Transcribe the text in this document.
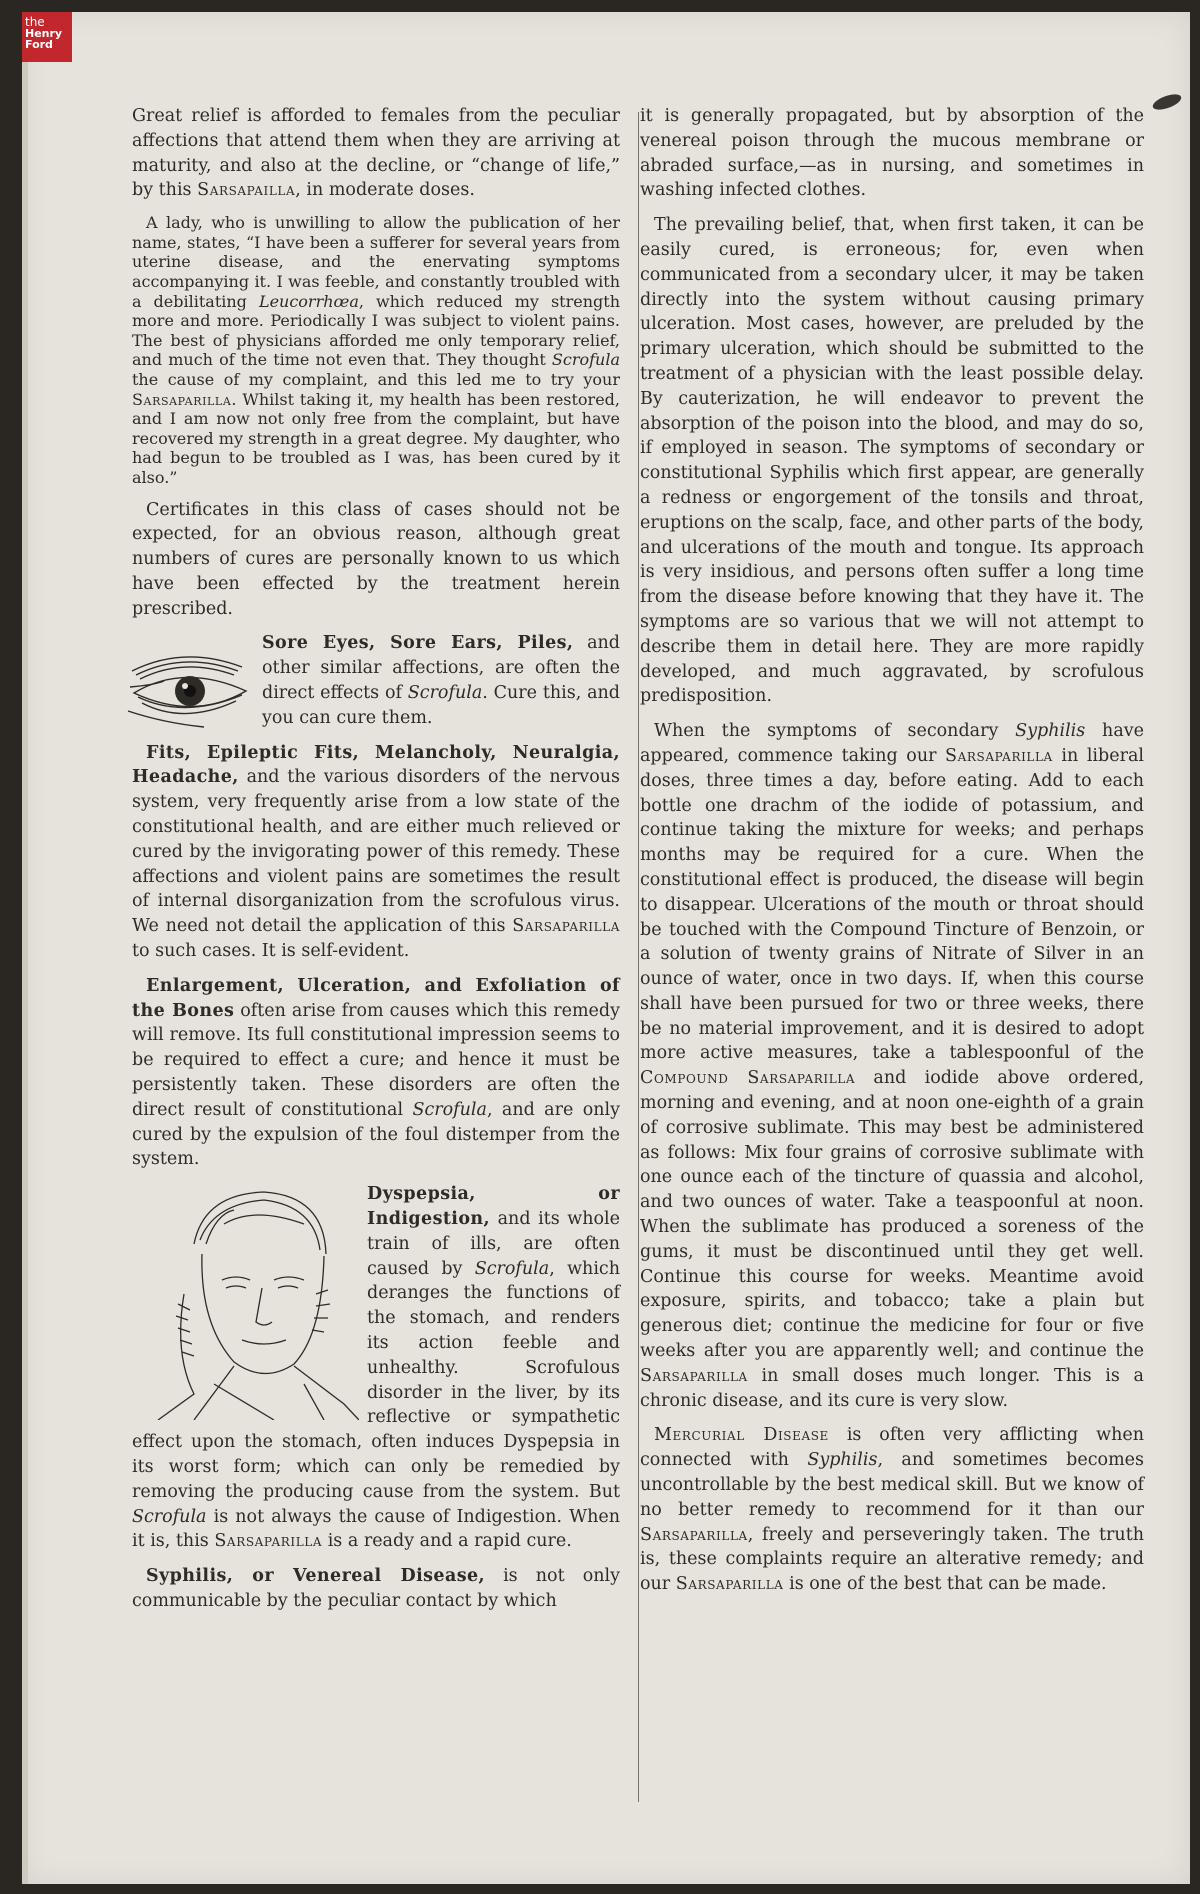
the
Henry
Ford

Great relief is afforded to females from the peculiar affections that attend them when they are arriving at maturity, and also at the decline, or “change of life,” by this Sarsapailla, in moderate doses.

A lady, who is unwilling to allow the publication of her name, states, “I have been a sufferer for several years from uterine disease, and the enervating symptoms accompanying it. I was feeble, and constantly troubled with a debilitating Leucorrhœa, which reduced my strength more and more. Periodically I was subject to violent pains. The best of physicians afforded me only temporary relief, and much of the time not even that. They thought Scrofula the cause of my complaint, and this led me to try your Sarsaparilla. Whilst taking it, my health has been restored, and I am now not only free from the complaint, but have recovered my strength in a great degree. My daughter, who had begun to be troubled as I was, has been cured by it also.”

Certificates in this class of cases should not be expected, for an obvious reason, although great numbers of cures are personally known to us which have been effected by the treatment herein prescribed.

Sore Eyes, Sore Ears, Piles, and other similar affections, are often the direct effects of Scrofula. Cure this, and you can cure them.

Fits, Epileptic Fits, Melancholy, Neuralgia, Headache, and the various disorders of the nervous system, very frequently arise from a low state of the constitutional health, and are either much relieved or cured by the invigorating power of this remedy. These affections and violent pains are sometimes the result of internal disorganization from the scrofulous virus. We need not detail the application of this Sarsaparilla to such cases. It is self-evident.

Enlargement, Ulceration, and Exfoliation of the Bones often arise from causes which this remedy will remove. Its full constitutional impression seems to be required to effect a cure; and hence it must be persistently taken. These disorders are often the direct result of constitutional Scrofula, and are only cured by the expulsion of the foul distemper from the system.

Dyspepsia, or Indigestion, and its whole train of ills, are often caused by Scrofula, which deranges the functions of the stomach, and renders its action feeble and unhealthy. Scrofulous disorder in the liver, by its reflective or sympathetic effect upon the stomach, often induces Dyspepsia in its worst form; which can only be remedied by removing the producing cause from the system. But Scrofula is not always the cause of Indigestion. When it is, this Sarsaparilla is a ready and a rapid cure.

Syphilis, or Venereal Disease, is not only communicable by the peculiar contact by which

it is generally propagated, but by absorption of the venereal poison through the mucous membrane or abraded surface,—as in nursing, and sometimes in washing infected clothes.

The prevailing belief, that, when first taken, it can be easily cured, is erroneous; for, even when communicated from a secondary ulcer, it may be taken directly into the system without causing primary ulceration. Most cases, however, are preluded by the primary ulceration, which should be submitted to the treatment of a physician with the least possible delay. By cauterization, he will endeavor to prevent the absorption of the poison into the blood, and may do so, if employed in season. The symptoms of secondary or constitutional Syphilis which first appear, are generally a redness or engorgement of the tonsils and throat, eruptions on the scalp, face, and other parts of the body, and ulcerations of the mouth and tongue. Its approach is very insidious, and persons often suffer a long time from the disease before knowing that they have it. The symptoms are so various that we will not attempt to describe them in detail here. They are more rapidly developed, and much aggravated, by scrofulous predisposition.

When the symptoms of secondary Syphilis have appeared, commence taking our Sarsaparilla in liberal doses, three times a day, before eating. Add to each bottle one drachm of the iodide of potassium, and continue taking the mixture for weeks; and perhaps months may be required for a cure. When the constitutional effect is produced, the disease will begin to disappear. Ulcerations of the mouth or throat should be touched with the Compound Tincture of Benzoin, or a solution of twenty grains of Nitrate of Silver in an ounce of water, once in two days. If, when this course shall have been pursued for two or three weeks, there be no material improvement, and it is desired to adopt more active measures, take a tablespoonful of the Compound Sarsaparilla and iodide above ordered, morning and evening, and at noon one-eighth of a grain of corrosive sublimate. This may best be administered as follows: Mix four grains of corrosive sublimate with one ounce each of the tincture of quassia and alcohol, and two ounces of water. Take a teaspoonful at noon. When the sublimate has produced a soreness of the gums, it must be discontinued until they get well. Continue this course for weeks. Meantime avoid exposure, spirits, and tobacco; take a plain but generous diet; continue the medicine for four or five weeks after you are apparently well; and continue the Sarsaparilla in small doses much longer. This is a chronic disease, and its cure is very slow.

Mercurial Disease is often very afflicting when connected with Syphilis, and sometimes becomes uncontrollable by the best medical skill. But we know of no better remedy to recommend for it than our Sarsaparilla, freely and perseveringly taken. The truth is, these complaints require an alterative remedy; and our Sarsaparilla is one of the best that can be made.
